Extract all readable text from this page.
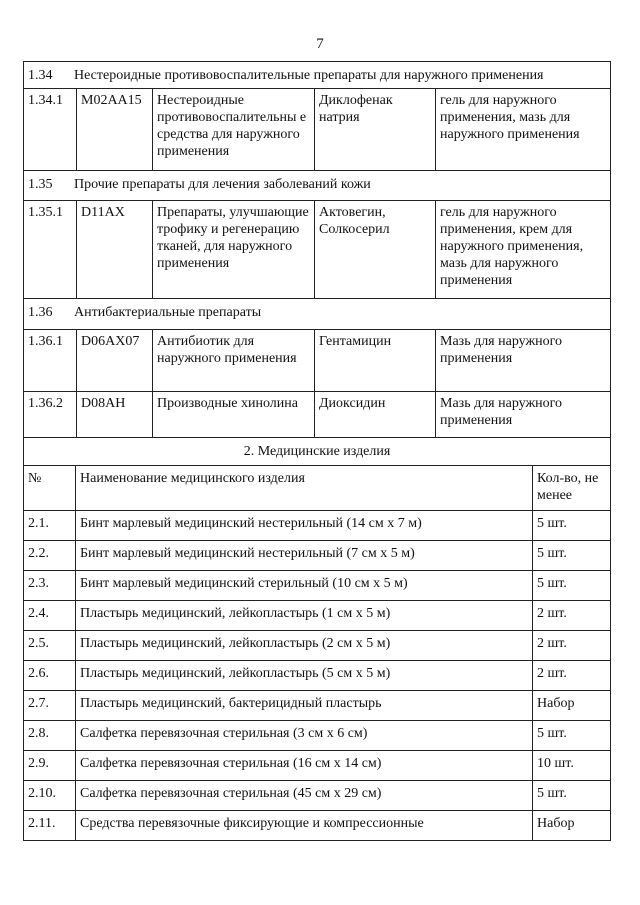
7
1.34 Нестероидные противовоспалительные препараты для наружного применения				
1.34.1	M02AA15	Нестероидные противовоспалительны е средства для наружного применения	Диклофенак натрия	гель для наружного применения, мазь для наружного применения
1.35 Прочие препараты для лечения заболеваний кожи				
1.35.1	D11AX	Препараты, улучшающие трофику и регенерацию тканей, для наружного применения	Актовегин, Солкосерил	гель для наружного применения, крем для наружного применения, мазь для наружного применения
1.36 Антибактериальные препараты				
1.36.1	D06AX07	Антибиотик для наружного применения	Гентамицин	Мазь для наружного применения
1.36.2	D08AH	Производные хинолина	Диоксидин	Мазь для наружного применения
2. Медицинские изделия		
№	Наименование медицинского изделия	Кол-во, не менее
2.1.	Бинт марлевый медицинский нестерильный (14 см х 7 м)	5 шт.
2.2.	Бинт марлевый медицинский нестерильный (7 см х 5 м)	5 шт.
2.3.	Бинт марлевый медицинский стерильный (10 см х 5 м)	5 шт.
2.4.	Пластырь медицинский, лейкопластырь (1 см х 5 м)	2 шт.
2.5.	Пластырь медицинский, лейкопластырь (2 см х 5 м)	2 шт.
2.6.	Пластырь медицинский, лейкопластырь (5 см х 5 м)	2 шт.
2.7.	Пластырь медицинский, бактерицидный пластырь	Набор
2.8.	Салфетка перевязочная стерильная (3 см х 6 см)	5 шт.
2.9.	Салфетка перевязочная стерильная (16 см х 14 см)	10 шт.
2.10.	Салфетка перевязочная стерильная (45 см х 29 см)	5 шт.
2.11.	Средства перевязочные фиксирующие и компрессионные	Набор
